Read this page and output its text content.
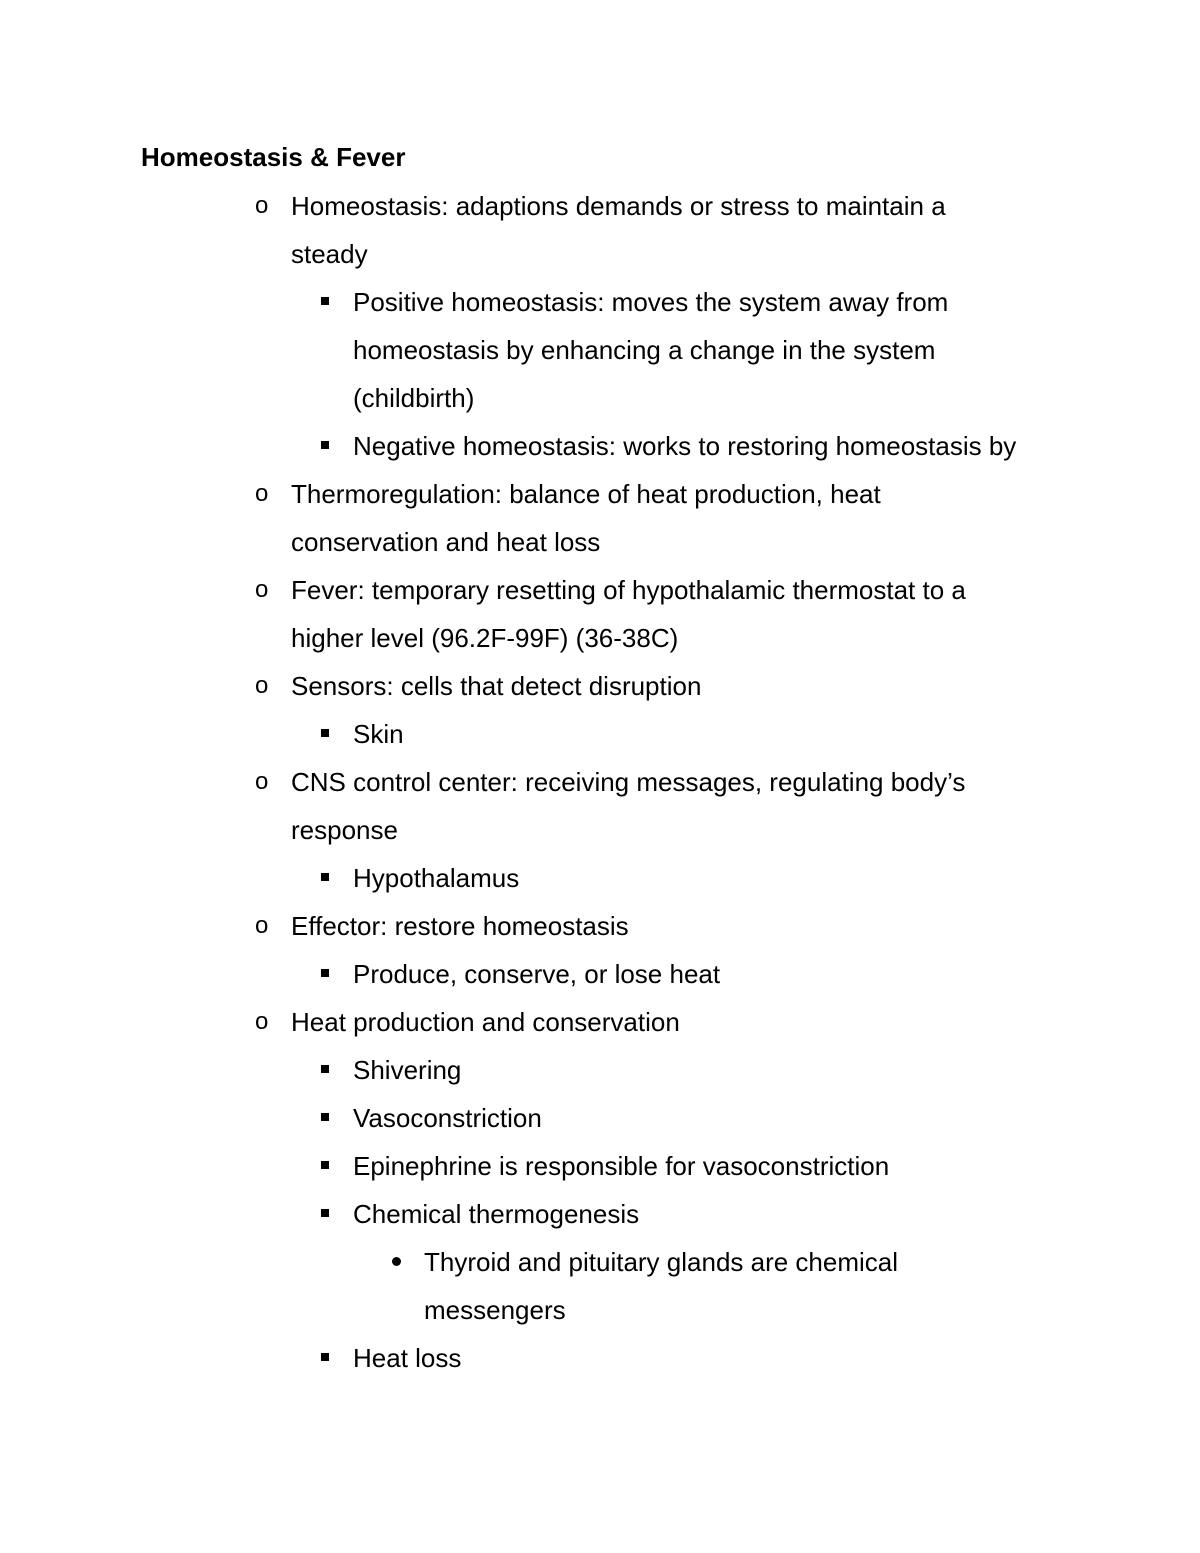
Homeostasis & Fever
o Homeostasis: adaptions demands or stress to maintain a
steady
Positive homeostasis: moves the system away from
homeostasis by enhancing a change in the system
(childbirth)
Negative homeostasis: works to restoring homeostasis by
o Thermoregulation: balance of heat production, heat
conservation and heat loss
o Fever: temporary resetting of hypothalamic thermostat to a
higher level (96.2F-99F) (36-38C)
o Sensors: cells that detect disruption
Skin
o CNS control center: receiving messages, regulating body’s
response
Hypothalamus
o Effector: restore homeostasis
Produce, conserve, or lose heat
o Heat production and conservation
Shivering
Vasoconstriction
Epinephrine is responsible for vasoconstriction
Chemical thermogenesis
Thyroid and pituitary glands are chemical
messengers
Heat loss
